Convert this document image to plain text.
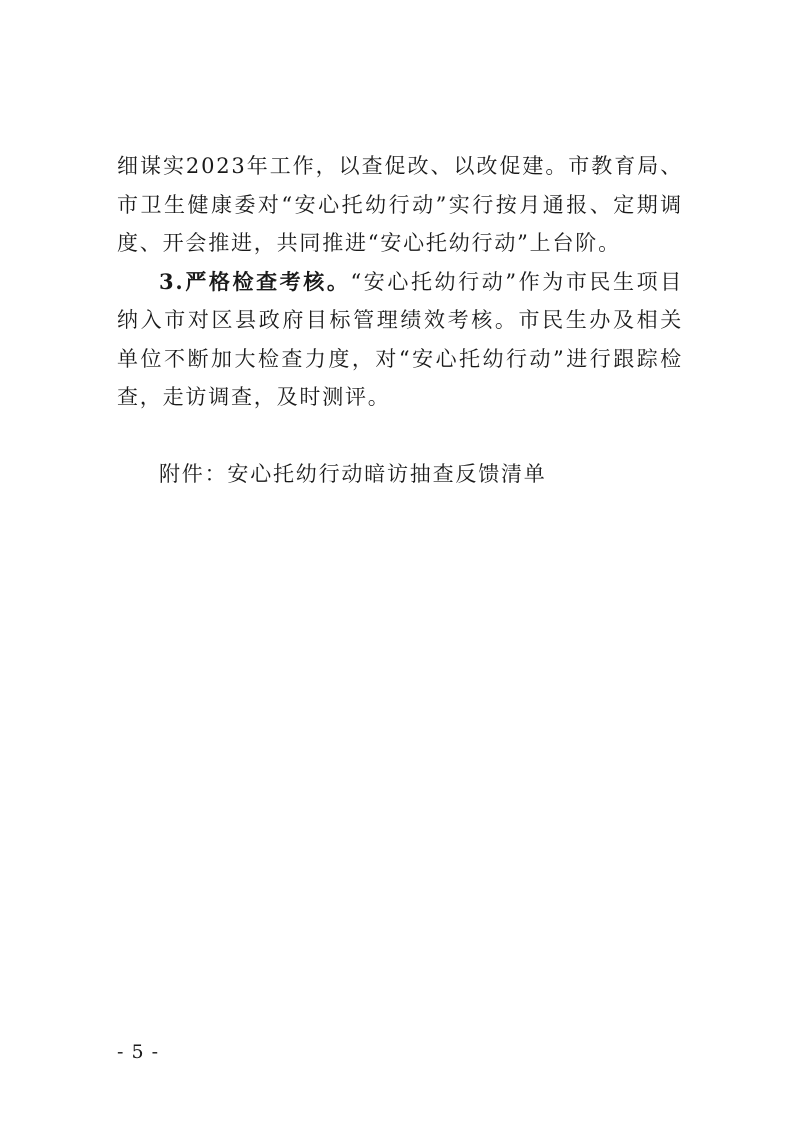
细谋实2023年工作，以查促改、以改促建。市教育局、市卫生健康委对“安心托幼行动”实行按月通报、定期调度、开会推进，共同推进“安心托幼行动”上台阶。

3.严格检查考核。“安心托幼行动”作为市民生项目纳入市对区县政府目标管理绩效考核。市民生办及相关单位不断加大检查力度，对“安心托幼行动”进行跟踪检查，走访调查，及时测评。

附件：安心托幼行动暗访抽查反馈清单

- 5 -
